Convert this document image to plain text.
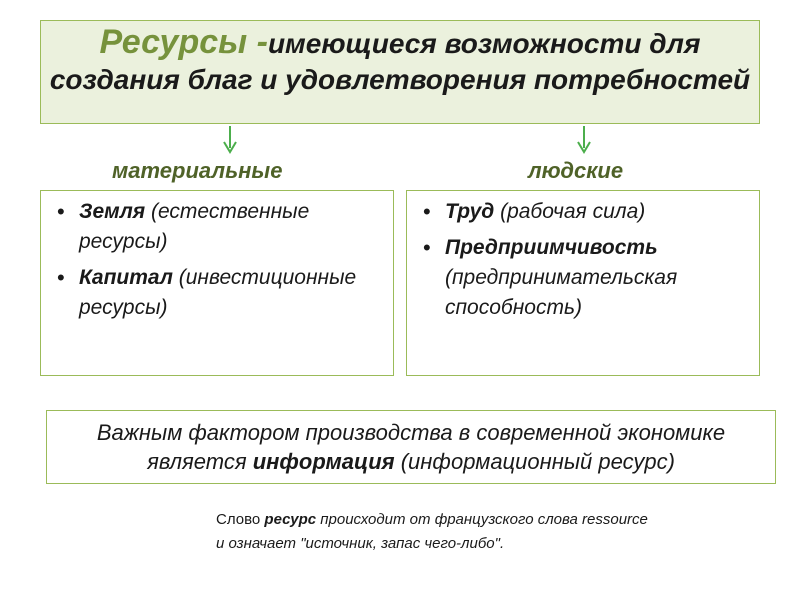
Ресурсы -имеющиеся возможности для создания благ и удовлетворения потребностей
материальные	людские
• Земля (естественные ресурсы)
• Капитал (инвестиционные ресурсы)
• Труд (рабочая сила)
• Предприимчивость (предпринимательская способность)
Важным фактором производства в современной экономике
является информация (информационный ресурс)
Слово ресурс происходит от французского слова ressource и означает "источник, запас чего-либо".
